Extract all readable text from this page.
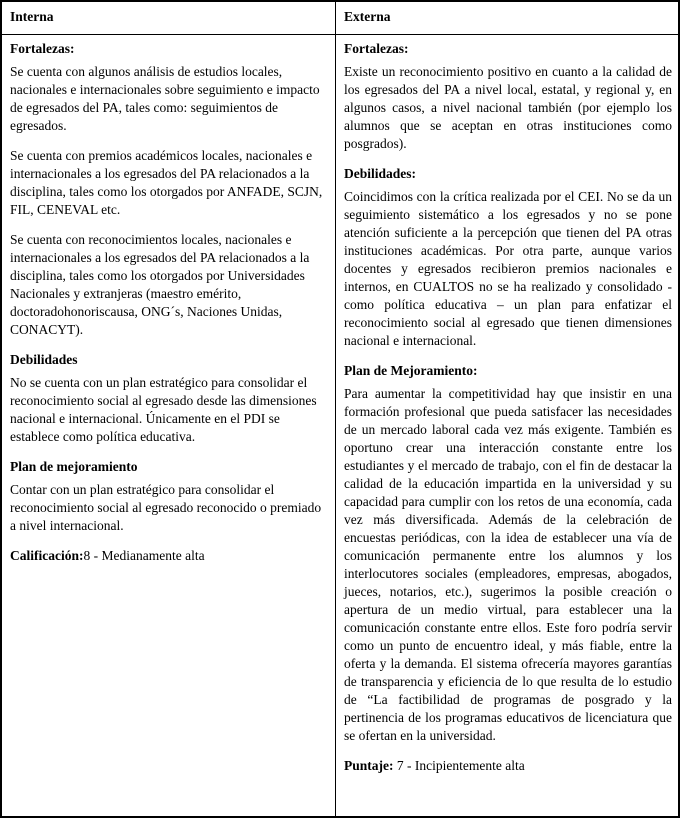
Interna	Externa

Fortalezas:

Se cuenta con algunos análisis de estudios locales, nacionales e internacionales sobre seguimiento e impacto de egresados del PA, tales como: seguimientos de egresados.

Se cuenta con premios académicos locales, nacionales e internacionales a los egresados del PA relacionados a la disciplina, tales como los otorgados por ANFADE, SCJN, FIL, CENEVAL etc.

Se cuenta con reconocimientos locales, nacionales e internacionales a los egresados del PA relacionados a la disciplina, tales como los otorgados por Universidades Nacionales y extranjeras (maestro emérito, doctoradohonoriscausa, ONG´s, Naciones Unidas, CONACYT).

Debilidades

No se cuenta con un plan estratégico para consolidar el reconocimiento social al egresado desde las dimensiones nacional e internacional. Únicamente en el PDI se establece como política educativa.

Plan de mejoramiento

Contar con un plan estratégico para consolidar el reconocimiento social al egresado reconocido o premiado a nivel internacional.

Calificación:8 - Medianamente alta

Fortalezas:

Existe un reconocimiento positivo en cuanto a la calidad de los egresados del PA a nivel local, estatal, y regional y, en algunos casos, a nivel nacional también (por ejemplo los alumnos que se aceptan en otras instituciones como posgrados).

Debilidades:

Coincidimos con la crítica realizada por el CEI. No se da un seguimiento sistemático a los egresados y no se pone atención suficiente a la percepción que tienen del PA otras instituciones académicas. Por otra parte, aunque varios docentes y egresados recibieron premios nacionales e internos, en CUALTOS no se ha realizado y consolidado - como política educativa – un plan para enfatizar el reconocimiento social al egresado que tienen dimensiones nacional e internacional.

Plan de Mejoramiento:

Para aumentar la competitividad hay que insistir en una formación profesional que pueda satisfacer las necesidades de un mercado laboral cada vez más exigente. También es oportuno crear una interacción constante entre los estudiantes y el mercado de trabajo, con el fin de destacar la calidad de la educación impartida en la universidad y su capacidad para cumplir con los retos de una economía, cada vez más diversificada. Además de la celebración de encuestas periódicas, con la idea de establecer una vía de comunicación permanente entre los alumnos y los interlocutores sociales (empleadores, empresas, abogados, jueces, notarios, etc.), sugerimos la posible creación o apertura de un medio virtual, para establecer una la comunicación constante entre ellos. Este foro podría servir como un punto de encuentro ideal, y más fiable, entre la oferta y la demanda. El sistema ofrecería mayores garantías de transparencia y eficiencia de lo que resulta de lo estudio de “La factibilidad de programas de posgrado y la pertinencia de los programas educativos de licenciatura que se ofertan en la universidad.

Puntaje: 7 - Incipientemente alta
